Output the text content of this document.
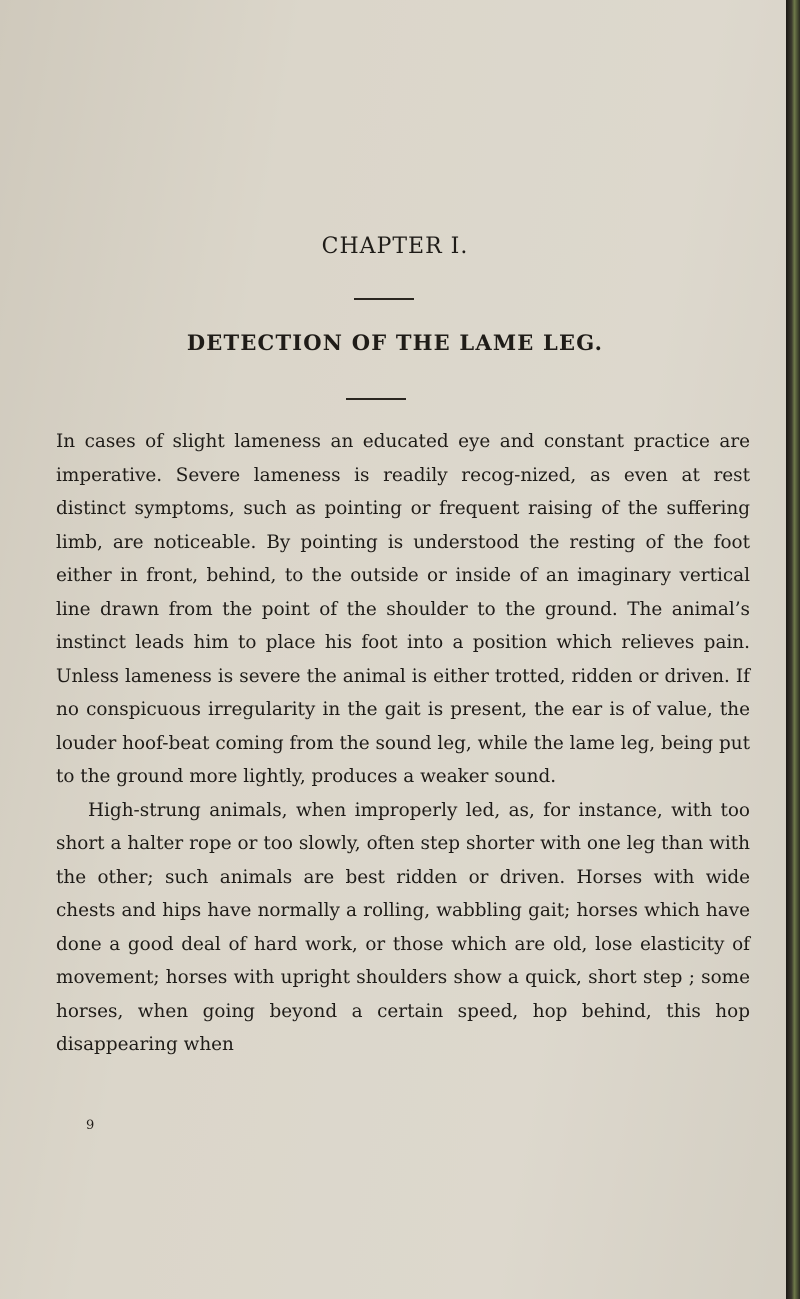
CHAPTER I.
DETECTION OF THE LAME LEG.

In cases of slight lameness an educated eye and constant practice are imperative. Severe lameness is readily recog-nized, as even at rest distinct symptoms, such as pointing or frequent raising of the suffering limb, are noticeable. By pointing is understood the resting of the foot either in front, behind, to the outside or inside of an imaginary vertical line drawn from the point of the shoulder to the ground. The animal’s instinct leads him to place his foot into a position which relieves pain. Unless lameness is severe the animal is either trotted, ridden or driven. If no conspicuous irregularity in the gait is present, the ear is of value, the louder hoof-beat coming from the sound leg, while the lame leg, being put to the ground more lightly, produces a weaker sound.

High-strung animals, when improperly led, as, for instance, with too short a halter rope or too slowly, often step shorter with one leg than with the other; such animals are best ridden or driven. Horses with wide chests and hips have normally a rolling, wabbling gait; horses which have done a good deal of hard work, or those which are old, lose elasticity of movement; horses with upright shoulders show a quick, short step ; some horses, when going beyond a certain speed, hop behind, this hop disappearing when

9
